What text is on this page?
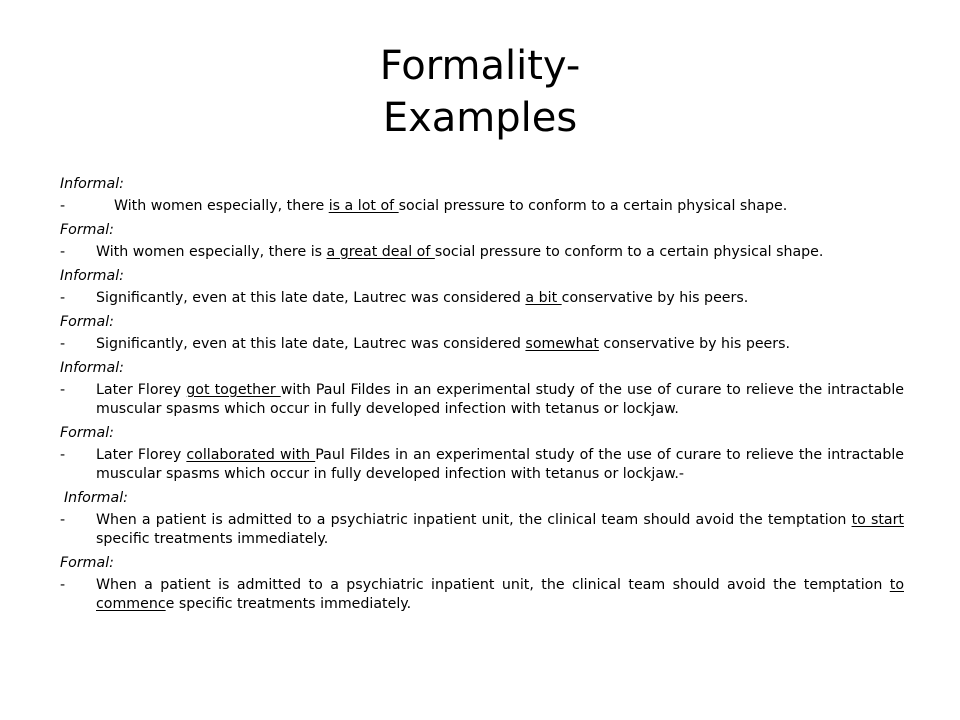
Formality-
Examples
Informal:
-	With women especially, there is a lot of social pressure to conform to a certain physical shape.
Formal:
- With women especially, there is a great deal of social pressure to conform to a certain physical shape.
Informal:
- Significantly, even at this late date, Lautrec was considered a bit conservative by his peers.
Formal:
- Significantly, even at this late date, Lautrec was considered somewhat conservative by his peers.
Informal:
- Later Florey got together with Paul Fildes in an experimental study of the use of curare to relieve the intractable muscular spasms which occur in fully developed infection with tetanus or lockjaw.
Formal:
- Later Florey collaborated with Paul Fildes in an experimental study of the use of curare to relieve the intractable muscular spasms which occur in fully developed infection with tetanus or lockjaw.-
Informal:
- When a patient is admitted to a psychiatric inpatient unit, the clinical team should avoid the temptation to start specific treatments immediately.
Formal:
- When a patient is admitted to a psychiatric inpatient unit, the clinical team should avoid the temptation to commence specific treatments immediately.
